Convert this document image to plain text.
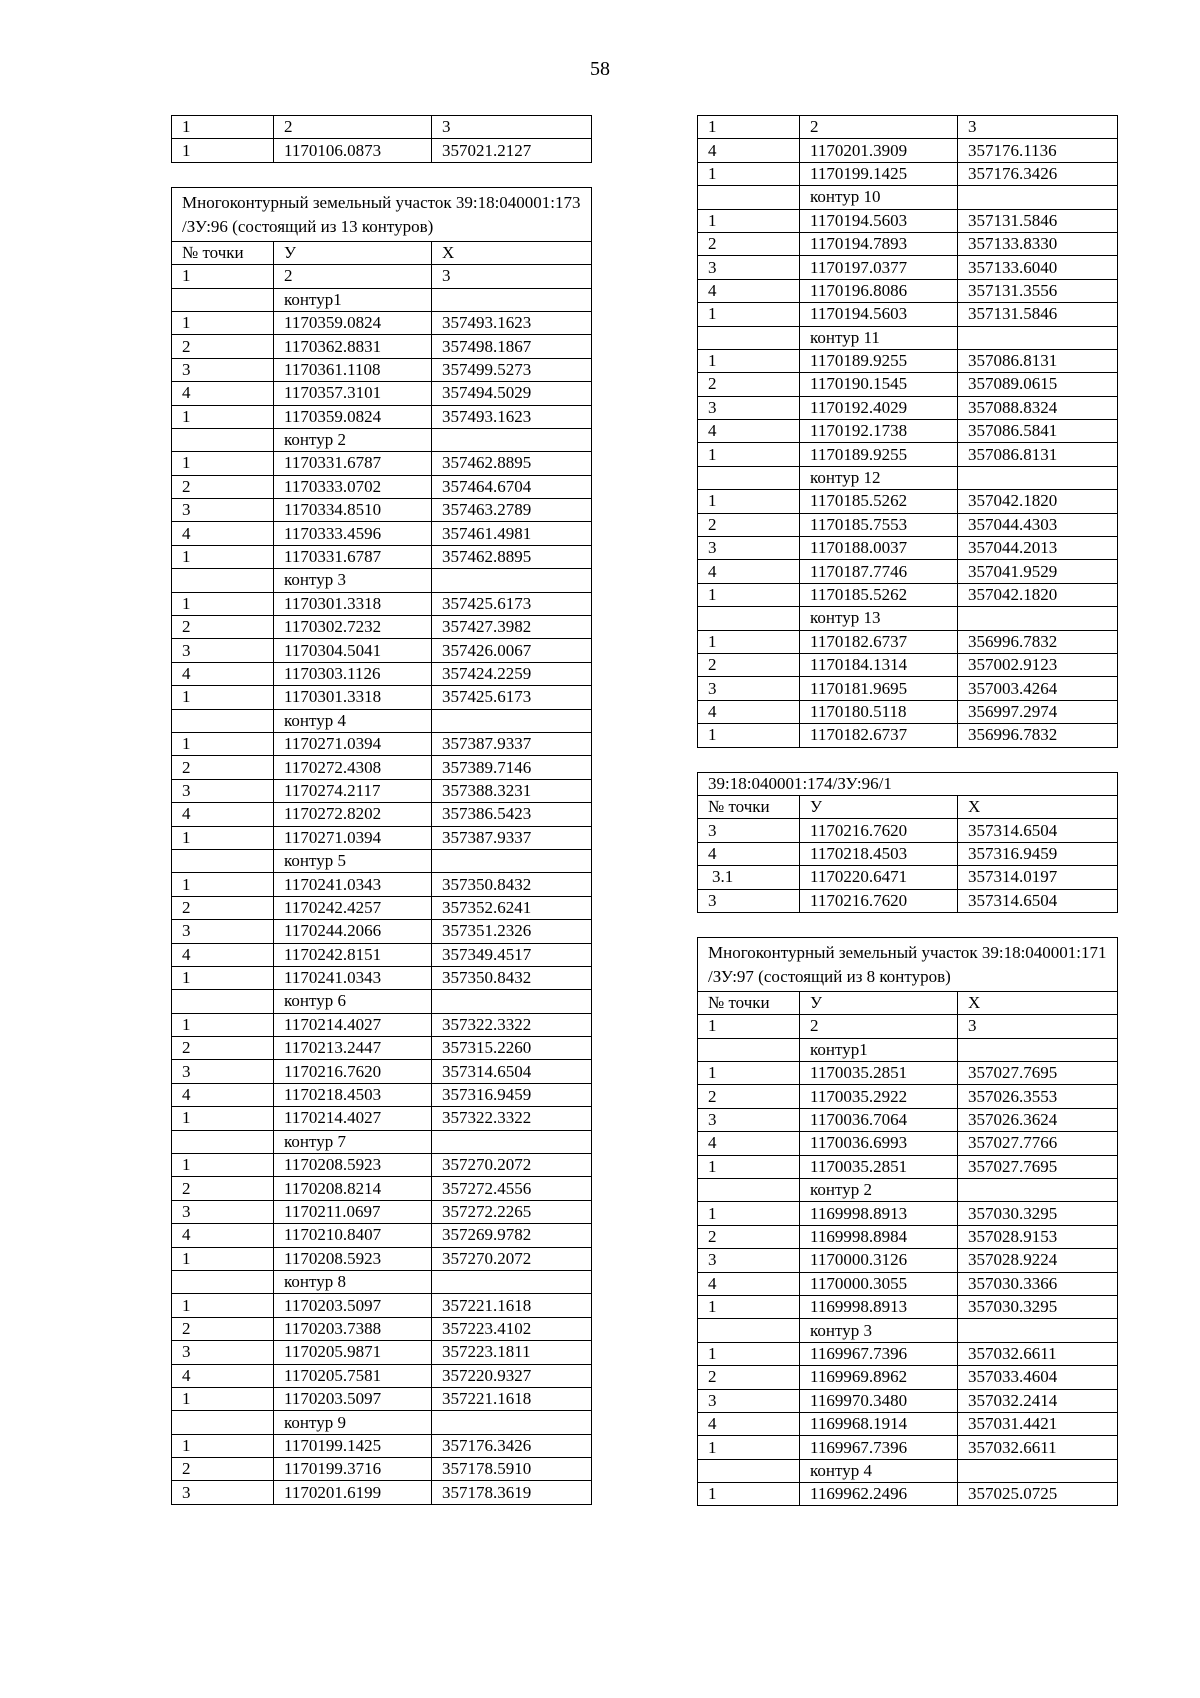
58
1	2	3
1	1170106.0873	357021.2127
Многоконтурный земельный участок 39:18:040001:173 /ЗУ:96 (состоящий из 13 контуров)		
№ точки	У	Х
1	2	3
	контур1	
1	1170359.0824	357493.1623
2	1170362.8831	357498.1867
3	1170361.1108	357499.5273
4	1170357.3101	357494.5029
1	1170359.0824	357493.1623
	контур 2	
1	1170331.6787	357462.8895
2	1170333.0702	357464.6704
3	1170334.8510	357463.2789
4	1170333.4596	357461.4981
1	1170331.6787	357462.8895
	контур 3	
1	1170301.3318	357425.6173
2	1170302.7232	357427.3982
3	1170304.5041	357426.0067
4	1170303.1126	357424.2259
1	1170301.3318	357425.6173
	контур 4	
1	1170271.0394	357387.9337
2	1170272.4308	357389.7146
3	1170274.2117	357388.3231
4	1170272.8202	357386.5423
1	1170271.0394	357387.9337
	контур 5	
1	1170241.0343	357350.8432
2	1170242.4257	357352.6241
3	1170244.2066	357351.2326
4	1170242.8151	357349.4517
1	1170241.0343	357350.8432
	контур 6	
1	1170214.4027	357322.3322
2	1170213.2447	357315.2260
3	1170216.7620	357314.6504
4	1170218.4503	357316.9459
1	1170214.4027	357322.3322
	контур 7	
1	1170208.5923	357270.2072
2	1170208.8214	357272.4556
3	1170211.0697	357272.2265
4	1170210.8407	357269.9782
1	1170208.5923	357270.2072
	контур 8	
1	1170203.5097	357221.1618
2	1170203.7388	357223.4102
3	1170205.9871	357223.1811
4	1170205.7581	357220.9327
1	1170203.5097	357221.1618
	контур 9	
1	1170199.1425	357176.3426
2	1170199.3716	357178.5910
3	1170201.6199	357178.3619
1	2	3
4	1170201.3909	357176.1136
1	1170199.1425	357176.3426
	контур 10	
1	1170194.5603	357131.5846
2	1170194.7893	357133.8330
3	1170197.0377	357133.6040
4	1170196.8086	357131.3556
1	1170194.5603	357131.5846
	контур 11	
1	1170189.9255	357086.8131
2	1170190.1545	357089.0615
3	1170192.4029	357088.8324
4	1170192.1738	357086.5841
1	1170189.9255	357086.8131
	контур 12	
1	1170185.5262	357042.1820
2	1170185.7553	357044.4303
3	1170188.0037	357044.2013
4	1170187.7746	357041.9529
1	1170185.5262	357042.1820
	контур 13	
1	1170182.6737	356996.7832
2	1170184.1314	357002.9123
3	1170181.9695	357003.4264
4	1170180.5118	356997.2974
1	1170182.6737	356996.7832
39:18:040001:174/ЗУ:96/1		
№ точки	У	Х
3	1170216.7620	357314.6504
4	1170218.4503	357316.9459
3.1	1170220.6471	357314.0197
3	1170216.7620	357314.6504
Многоконтурный земельный участок 39:18:040001:171 /ЗУ:97 (состоящий из 8 контуров)		
№ точки	У	Х
1	2	3
	контур1	
1	1170035.2851	357027.7695
2	1170035.2922	357026.3553
3	1170036.7064	357026.3624
4	1170036.6993	357027.7766
1	1170035.2851	357027.7695
	контур 2	
1	1169998.8913	357030.3295
2	1169998.8984	357028.9153
3	1170000.3126	357028.9224
4	1170000.3055	357030.3366
1	1169998.8913	357030.3295
	контур 3	
1	1169967.7396	357032.6611
2	1169969.8962	357033.4604
3	1169970.3480	357032.2414
4	1169968.1914	357031.4421
1	1169967.7396	357032.6611
	контур 4	
1	1169962.2496	357025.0725
